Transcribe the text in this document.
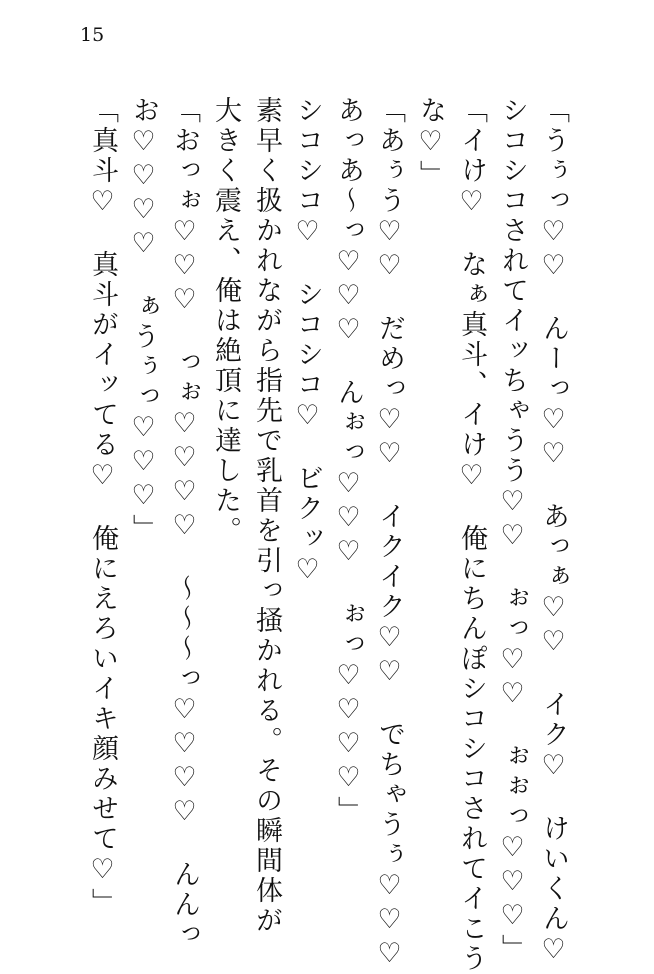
15
「うぅっ♡♡　んーっ♡♡　あっぁ♡♡　イク♡　けいくん♡
シコシコされてイッちゃうう♡♡　ぉっ♡♡　ぉぉっ♡♡♡」
「イけ♡　なぁ真斗、イけ♡　俺にちんぽシコシコされてイこう
な♡」
「あぅう♡♡　だめっ♡♡　イクイク♡♡　でちゃうぅ♡♡♡
あっあ〜っ♡♡♡　んぉっ♡♡♡　ぉっ♡♡♡♡」
シコシコ♡　シコシコ♡　ビクッ♡
素早く扱かれながら指先で乳首を引っ掻かれる。その瞬間体が
大きく震え、俺は絶頂に達した。
「おっぉ♡♡♡　っぉ♡♡♡♡　〜〜〜っ♡♡♡♡　んんっ
お♡♡♡♡　ぁうぅっ♡♡♡」
「真斗♡　真斗がイッてる♡　俺にえろいイキ顔みせて♡」
